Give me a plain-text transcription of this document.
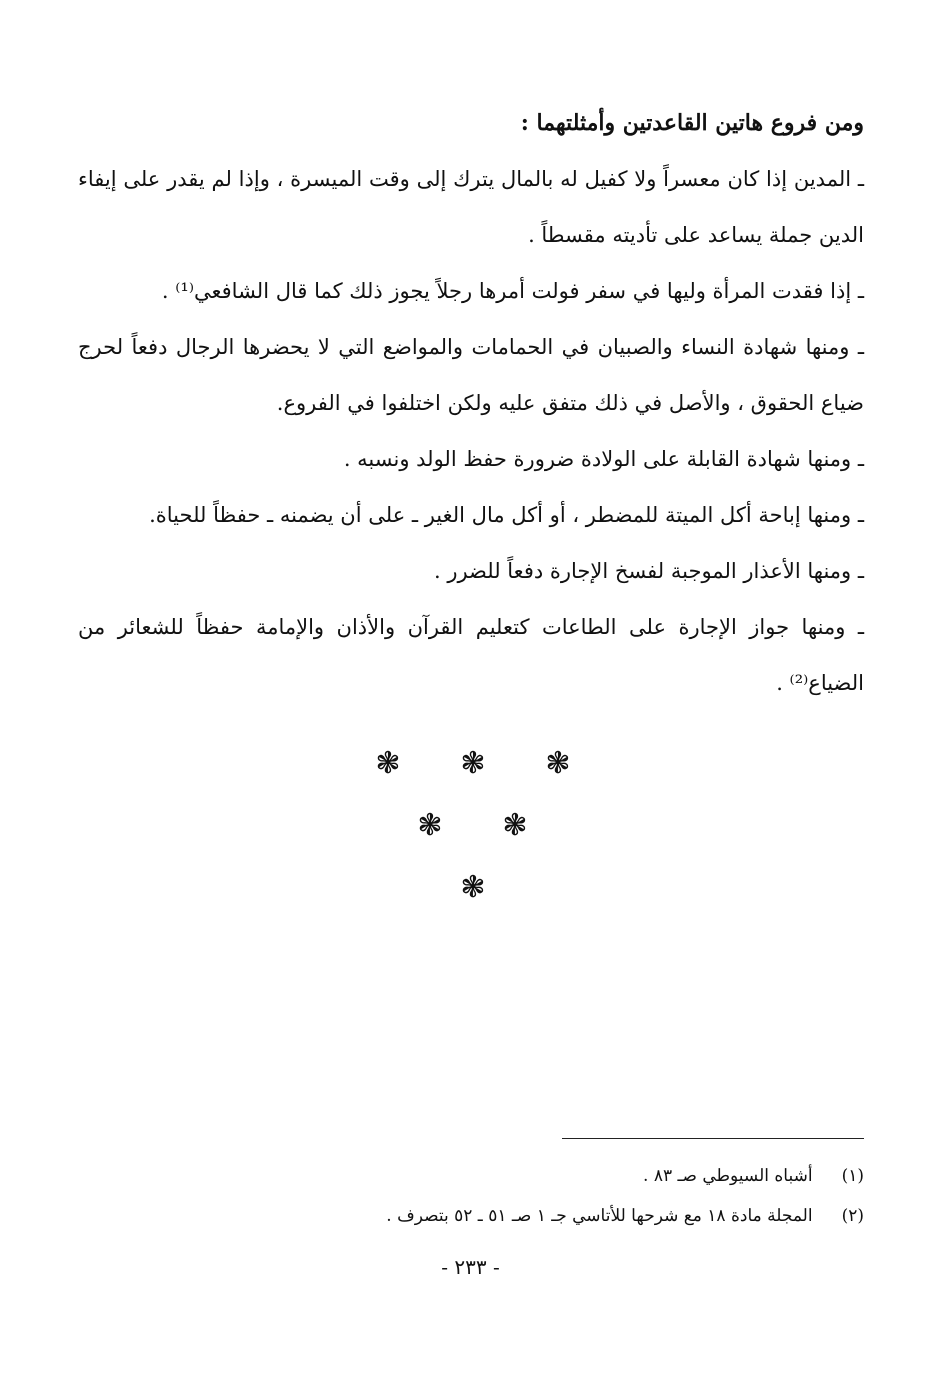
ومن فروع هاتين القاعدتين وأمثلتهما :

ـ المدين إذا كان معسراً ولا كفيل له بالمال يترك إلى وقت الميسرة ، وإذا لم يقدر على إيفاء الدين جملة يساعد على تأديته مقسطاً .

ـ إذا فقدت المرأة وليها في سفر فولت أمرها رجلاً يجوز ذلك كما قال الشافعي⁽¹⁾ .

ـ ومنها شهادة النساء والصبيان في الحمامات والمواضع التي لا يحضرها الرجال دفعاً لحرج ضياع الحقوق ، والأصل في ذلك متفق عليه ولكن اختلفوا في الفروع.

ـ ومنها شهادة القابلة على الولادة ضرورة حفظ الولد ونسبه .

ـ ومنها إباحة أكل الميتة للمضطر ، أو أكل مال الغير ـ على أن يضمنه ـ حفظاً للحياة.

ـ ومنها الأعذار الموجبة لفسخ الإجارة دفعاً للضرر .

ـ ومنها جواز الإجارة على الطاعات كتعليم القرآن والأذان والإمامة حفظاً للشعائر من الضياع⁽²⁾ .

❃ ❃ ❃
❃ ❃
❃
(١) أشباه السيوطي صـ ٨٣ .
(٢) المجلة مادة ١٨ مع شرحها للأتاسي جـ ١ صـ ٥١ ـ ٥٢ بتصرف .
- ٢٣٣ -
